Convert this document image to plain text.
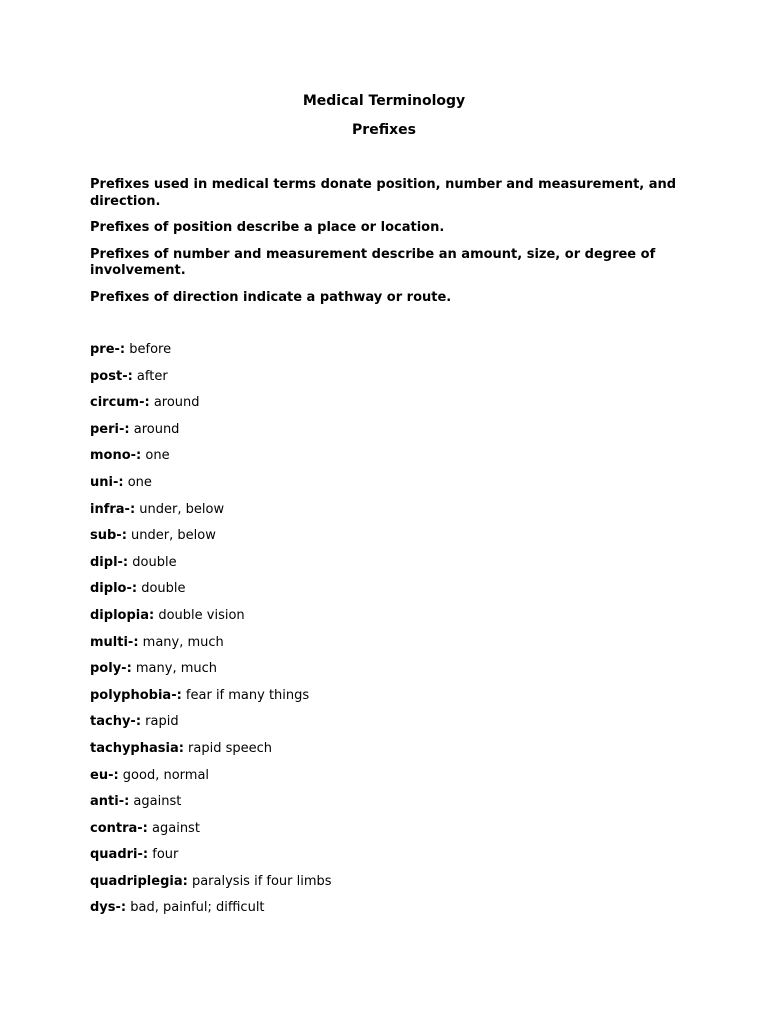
Medical Terminology
Prefixes

Prefixes used in medical terms donate position, number and measurement, and direction.

Prefixes of position describe a place or location.

Prefixes of number and measurement describe an amount, size, or degree of involvement.

Prefixes of direction indicate a pathway or route.

pre-: before
post-: after
circum-: around
peri-: around
mono-: one
uni-: one
infra-: under, below
sub-: under, below
dipl-: double
diplo-: double
diplopia: double vision
multi-: many, much
poly-: many, much
polyphobia-: fear if many things
tachy-: rapid
tachyphasia: rapid speech
eu-: good, normal
anti-: against
contra-: against
quadri-: four
quadriplegia: paralysis if four limbs
dys-: bad, painful; difficult
